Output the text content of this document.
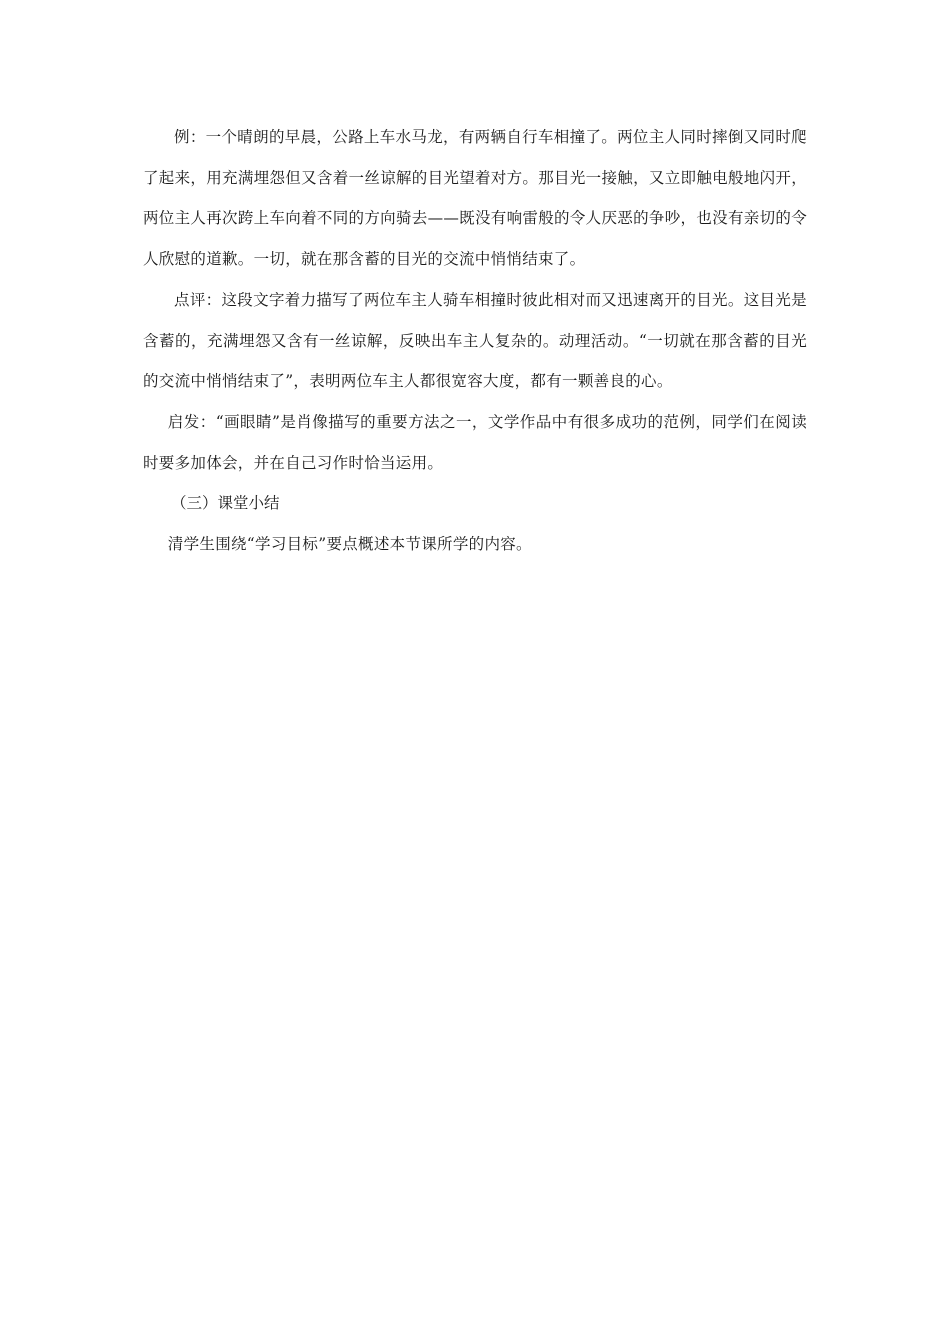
例：一个晴朗的早晨，公路上车水马龙，有两辆自行车相撞了。两位主人同时摔倒又同时爬了起来，用充满埋怨但又含着一丝谅解的目光望着对方。那目光一接触，又立即触电般地闪开，两位主人再次跨上车向着不同的方向骑去——既没有响雷般的令人厌恶的争吵，也没有亲切的令人欣慰的道歉。一切，就在那含蓄的目光的交流中悄悄结束了。

点评：这段文字着力描写了两位车主人骑车相撞时彼此相对而又迅速离开的目光。这目光是含蓄的，充满埋怨又含有一丝谅解，反映出车主人复杂的。动理活动。“一切就在那含蓄的目光的交流中悄悄结束了”，表明两位车主人都很宽容大度，都有一颗善良的心。

启发：“画眼睛”是肖像描写的重要方法之一，文学作品中有很多成功的范例，同学们在阅读时要多加体会，并在自己习作时恰当运用。

（三）课堂小结

清学生围绕“学习目标”要点概述本节课所学的内容。
